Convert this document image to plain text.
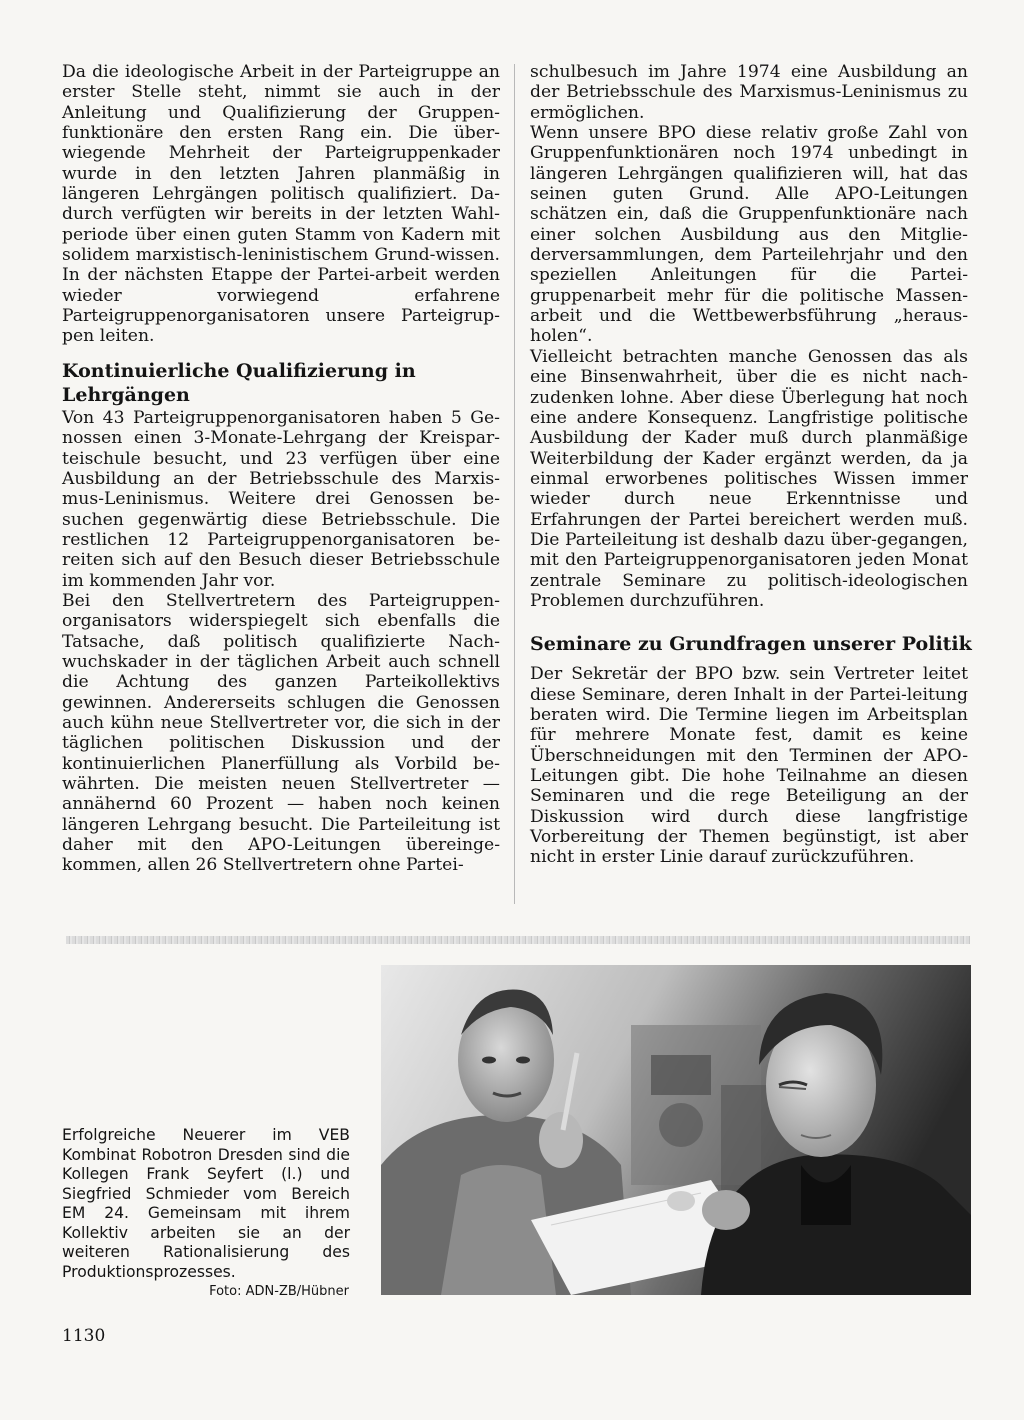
Da die ideologische Arbeit in der Parteigruppe an erster Stelle steht, nimmt sie auch in der Anleitung und Qualifizierung der Gruppen-funktionäre den ersten Rang ein. Die über-wiegende Mehrheit der Parteigruppenkader wurde in den letzten Jahren planmäßig in längeren Lehrgängen politisch qualifiziert. Da-durch verfügten wir bereits in der letzten Wahl-periode über einen guten Stamm von Kadern mit solidem marxistisch-leninistischem Grund-wissen. In der nächsten Etappe der Partei-arbeit werden wieder vorwiegend erfahrene Parteigruppenorganisatoren unsere Parteigrup-pen leiten.

Kontinuierliche Qualifizierung in Lehrgängen

Von 43 Parteigruppenorganisatoren haben 5 Ge-nossen einen 3-Monate-Lehrgang der Kreispar-teischule besucht, und 23 verfügen über eine Ausbildung an der Betriebsschule des Marxis-mus-Leninismus. Weitere drei Genossen be-suchen gegenwärtig diese Betriebsschule. Die restlichen 12 Parteigruppenorganisatoren be-reiten sich auf den Besuch dieser Betriebsschule im kommenden Jahr vor.

Bei den Stellvertretern des Parteigruppen-organisators widerspiegelt sich ebenfalls die Tatsache, daß politisch qualifizierte Nach-wuchskader in der täglichen Arbeit auch schnell die Achtung des ganzen Parteikollektivs gewinnen. Andererseits schlugen die Genossen auch kühn neue Stellvertreter vor, die sich in der täglichen politischen Diskussion und der kontinuierlichen Planerfüllung als Vorbild be-währten. Die meisten neuen Stellvertreter — annähernd 60 Prozent — haben noch keinen längeren Lehrgang besucht. Die Parteileitung ist daher mit den APO-Leitungen übereinge-kommen, allen 26 Stellvertretern ohne Partei-

schulbesuch im Jahre 1974 eine Ausbildung an der Betriebsschule des Marxismus-Leninismus zu ermöglichen.

Wenn unsere BPO diese relativ große Zahl von Gruppenfunktionären noch 1974 unbedingt in längeren Lehrgängen qualifizieren will, hat das seinen guten Grund. Alle APO-Leitungen schätzen ein, daß die Gruppenfunktionäre nach einer solchen Ausbildung aus den Mitglie-derversammlungen, dem Parteilehrjahr und den speziellen Anleitungen für die Partei-gruppenarbeit mehr für die politische Massen-arbeit und die Wettbewerbsführung „heraus-holen“.

Vielleicht betrachten manche Genossen das als eine Binsenwahrheit, über die es nicht nach-zudenken lohne. Aber diese Überlegung hat noch eine andere Konsequenz. Langfristige politische Ausbildung der Kader muß durch planmäßige Weiterbildung der Kader ergänzt werden, da ja einmal erworbenes politisches Wissen immer wieder durch neue Erkenntnisse und Erfahrungen der Partei bereichert werden muß. Die Parteileitung ist deshalb dazu über-gegangen, mit den Parteigruppenorganisatoren jeden Monat zentrale Seminare zu politisch-ideologischen Problemen durchzuführen.

Seminare zu Grundfragen unserer Politik

Der Sekretär der BPO bzw. sein Vertreter leitet diese Seminare, deren Inhalt in der Partei-leitung beraten wird. Die Termine liegen im Arbeitsplan für mehrere Monate fest, damit es keine Überschneidungen mit den Terminen der APO-Leitungen gibt. Die hohe Teilnahme an diesen Seminaren und die rege Beteiligung an der Diskussion wird durch diese langfristige Vorbereitung der Themen begünstigt, ist aber nicht in erster Linie darauf zurückzuführen.

Erfolgreiche Neuerer im VEB Kombinat Robotron Dresden sind die Kollegen Frank Seyfert (l.) und Siegfried Schmieder vom Bereich EM 24. Gemeinsam mit ihrem Kollektiv arbeiten sie an der weiteren Rationalisierung des Produktionsprozesses.

Foto: ADN-ZB/Hübner
1130
